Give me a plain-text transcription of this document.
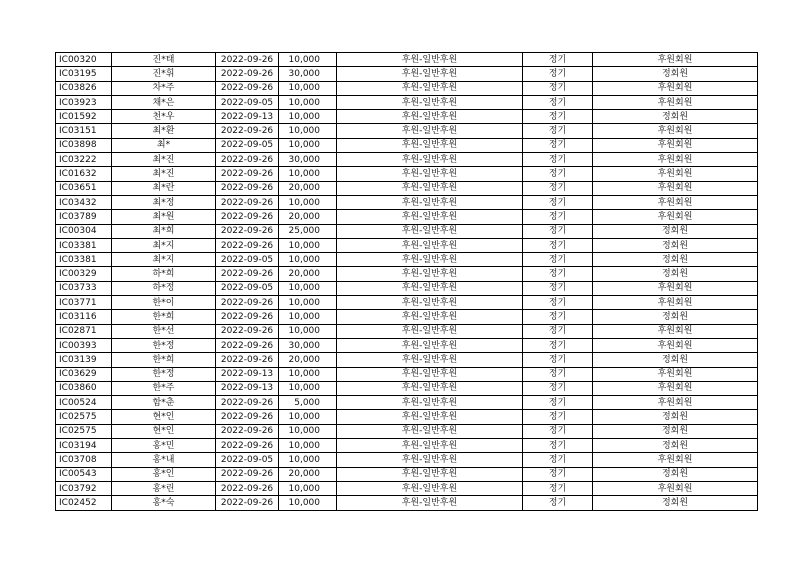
IC00320	진*태	2022-09-26	10,000	후원-일반후원	정기	후원회원
IC03195	진*휘	2022-09-26	30,000	후원-일반후원	정기	정회원
IC03826	차*주	2022-09-26	10,000	후원-일반후원	정기	후원회원
IC03923	채*은	2022-09-05	10,000	후원-일반후원	정기	후원회원
IC01592	천*우	2022-09-13	10,000	후원-일반후원	정기	정회원
IC03151	최*환	2022-09-26	10,000	후원-일반후원	정기	후원회원
IC03898	최*	2022-09-05	10,000	후원-일반후원	정기	후원회원
IC03222	최*진	2022-09-26	30,000	후원-일반후원	정기	후원회원
IC01632	최*진	2022-09-26	10,000	후원-일반후원	정기	후원회원
IC03651	최*란	2022-09-26	20,000	후원-일반후원	정기	후원회원
IC03432	최*정	2022-09-26	10,000	후원-일반후원	정기	후원회원
IC03789	최*원	2022-09-26	20,000	후원-일반후원	정기	후원회원
IC00304	최*희	2022-09-26	25,000	후원-일반후원	정기	정회원
IC03381	최*지	2022-09-26	10,000	후원-일반후원	정기	정회원
IC03381	최*지	2022-09-05	10,000	후원-일반후원	정기	정회원
IC00329	하*희	2022-09-26	20,000	후원-일반후원	정기	정회원
IC03733	하*정	2022-09-05	10,000	후원-일반후원	정기	후원회원
IC03771	한*이	2022-09-26	10,000	후원-일반후원	정기	후원회원
IC03116	한*희	2022-09-26	10,000	후원-일반후원	정기	정회원
IC02871	한*선	2022-09-26	10,000	후원-일반후원	정기	후원회원
IC00393	한*정	2022-09-26	30,000	후원-일반후원	정기	후원회원
IC03139	한*희	2022-09-26	20,000	후원-일반후원	정기	정회원
IC03629	한*정	2022-09-13	10,000	후원-일반후원	정기	후원회원
IC03860	한*주	2022-09-13	10,000	후원-일반후원	정기	후원회원
IC00524	함*춘	2022-09-26	5,000	후원-일반후원	정기	후원회원
IC02575	현*인	2022-09-26	10,000	후원-일반후원	정기	정회원
IC02575	현*인	2022-09-26	10,000	후원-일반후원	정기	정회원
IC03194	홍*민	2022-09-26	10,000	후원-일반후원	정기	정회원
IC03708	홍*내	2022-09-05	10,000	후원-일반후원	정기	후원회원
IC00543	홍*인	2022-09-26	20,000	후원-일반후원	정기	정회원
IC03792	홍*린	2022-09-26	10,000	후원-일반후원	정기	후원회원
IC02452	홍*숙	2022-09-26	10,000	후원-일반후원	정기	정회원
